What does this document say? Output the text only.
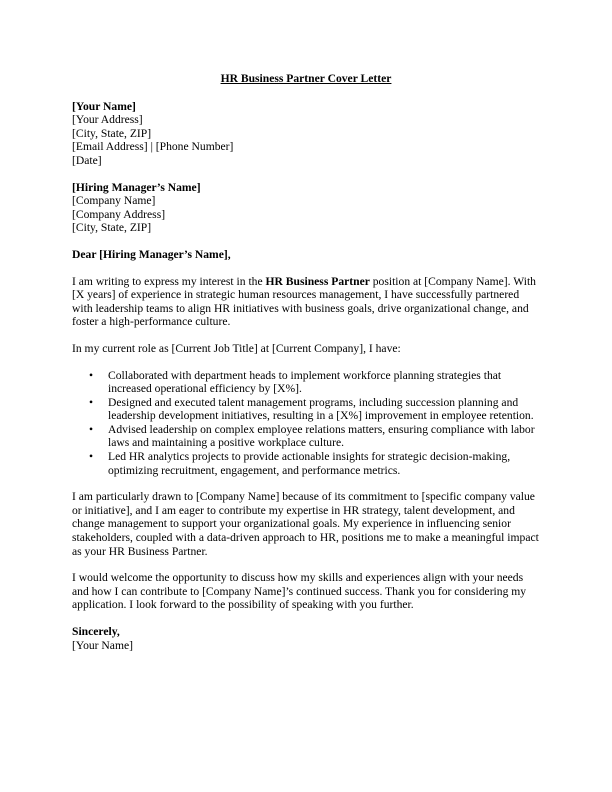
HR Business Partner Cover Letter
[Your Name]
[Your Address]
[City, State, ZIP]
[Email Address] | [Phone Number]
[Date]
[Hiring Manager’s Name]
[Company Name]
[Company Address]
[City, State, ZIP]
Dear [Hiring Manager’s Name],
I am writing to express my interest in the HR Business Partner position at [Company Name]. With [X years] of experience in strategic human resources management, I have successfully partnered with leadership teams to align HR initiatives with business goals, drive organizational change, and foster a high-performance culture.
In my current role as [Current Job Title] at [Current Company], I have:
• Collaborated with department heads to implement workforce planning strategies that increased operational efficiency by [X%].
• Designed and executed talent management programs, including succession planning and leadership development initiatives, resulting in a [X%] improvement in employee retention.
• Advised leadership on complex employee relations matters, ensuring compliance with labor laws and maintaining a positive workplace culture.
• Led HR analytics projects to provide actionable insights for strategic decision-making, optimizing recruitment, engagement, and performance metrics.
I am particularly drawn to [Company Name] because of its commitment to [specific company value or initiative], and I am eager to contribute my expertise in HR strategy, talent development, and change management to support your organizational goals. My experience in influencing senior stakeholders, coupled with a data-driven approach to HR, positions me to make a meaningful impact as your HR Business Partner.
I would welcome the opportunity to discuss how my skills and experiences align with your needs and how I can contribute to [Company Name]’s continued success. Thank you for considering my application. I look forward to the possibility of speaking with you further.
Sincerely,
[Your Name]
